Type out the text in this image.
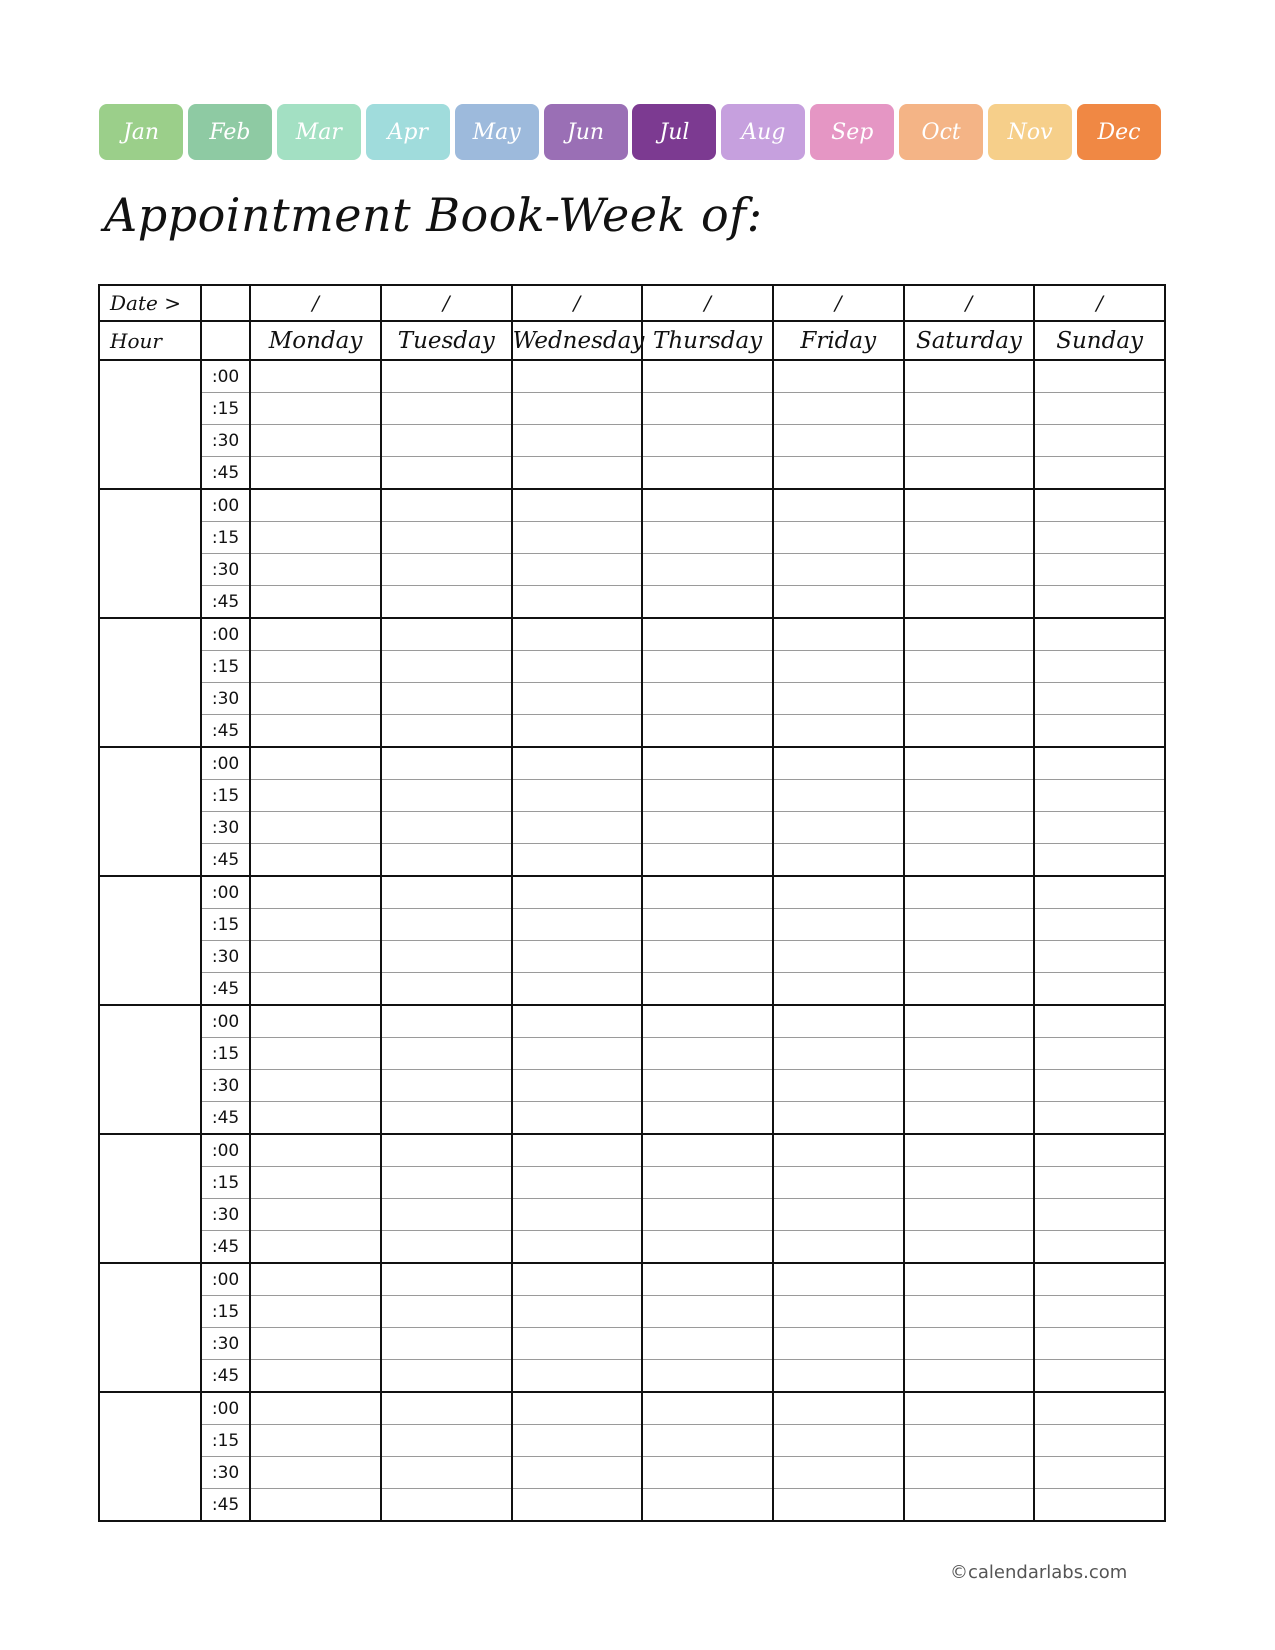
Jan	Feb	Mar	Apr	May	Jun	Jul	Aug	Sep	Oct	Nov	Dec
Appointment Book-Week of:
Date >		/	/	/	/	/	/	/
Hour		Monday	Tuesday	Wednesday	Thursday	Friday	Saturday	Sunday
	:00							
	:15							
	:30							
	:45							
	:00							
	:15							
	:30							
	:45							
	:00							
	:15							
	:30							
	:45							
	:00							
	:15							
	:30							
	:45							
	:00							
	:15							
	:30							
	:45							
	:00							
	:15							
	:30							
	:45							
	:00							
	:15							
	:30							
	:45							
	:00							
	:15							
	:30							
	:45							
	:00							
	:15							
	:30							
	:45							
©calendarlabs.com
